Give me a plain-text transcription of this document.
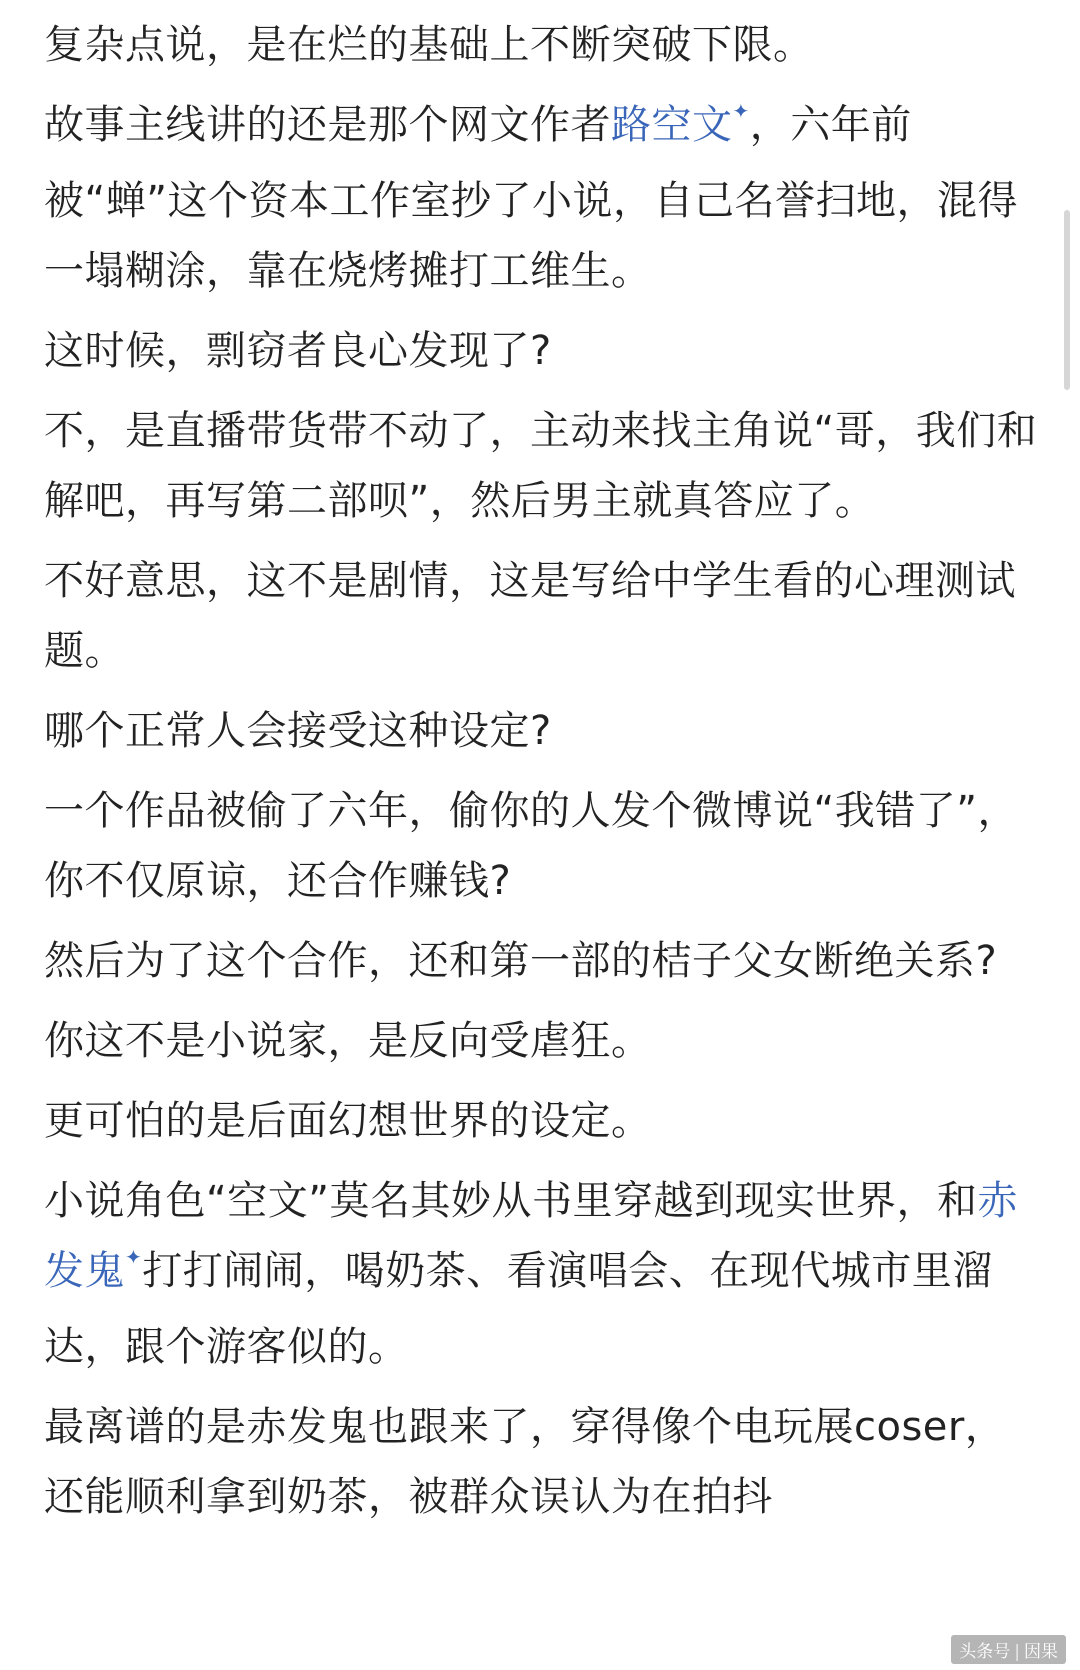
复杂点说，是在烂的基础上不断突破下限。

故事主线讲的还是那个网文作者路空文✦，六年前被“蝉”这个资本工作室抄了小说，自己名誉扫地，混得一塌糊涂，靠在烧烤摊打工维生。

这时候，剽窃者良心发现了?

不，是直播带货带不动了，主动来找主角说“哥，我们和解吧，再写第二部呗”，然后男主就真答应了。

不好意思，这不是剧情，这是写给中学生看的心理测试题。

哪个正常人会接受这种设定?

一个作品被偷了六年，偷你的人发个微博说“我错了”，你不仅原谅，还合作赚钱?

然后为了这个合作，还和第一部的桔子父女断绝关系?

你这不是小说家，是反向受虐狂。

更可怕的是后面幻想世界的设定。

小说角色“空文”莫名其妙从书里穿越到现实世界，和赤发鬼✦打打闹闹，喝奶茶、看演唱会、在现代城市里溜达，跟个游客似的。

最离谱的是赤发鬼也跟来了，穿得像个电玩展coser，还能顺利拿到奶茶，被群众误认为在拍抖

头条号 | 因果
